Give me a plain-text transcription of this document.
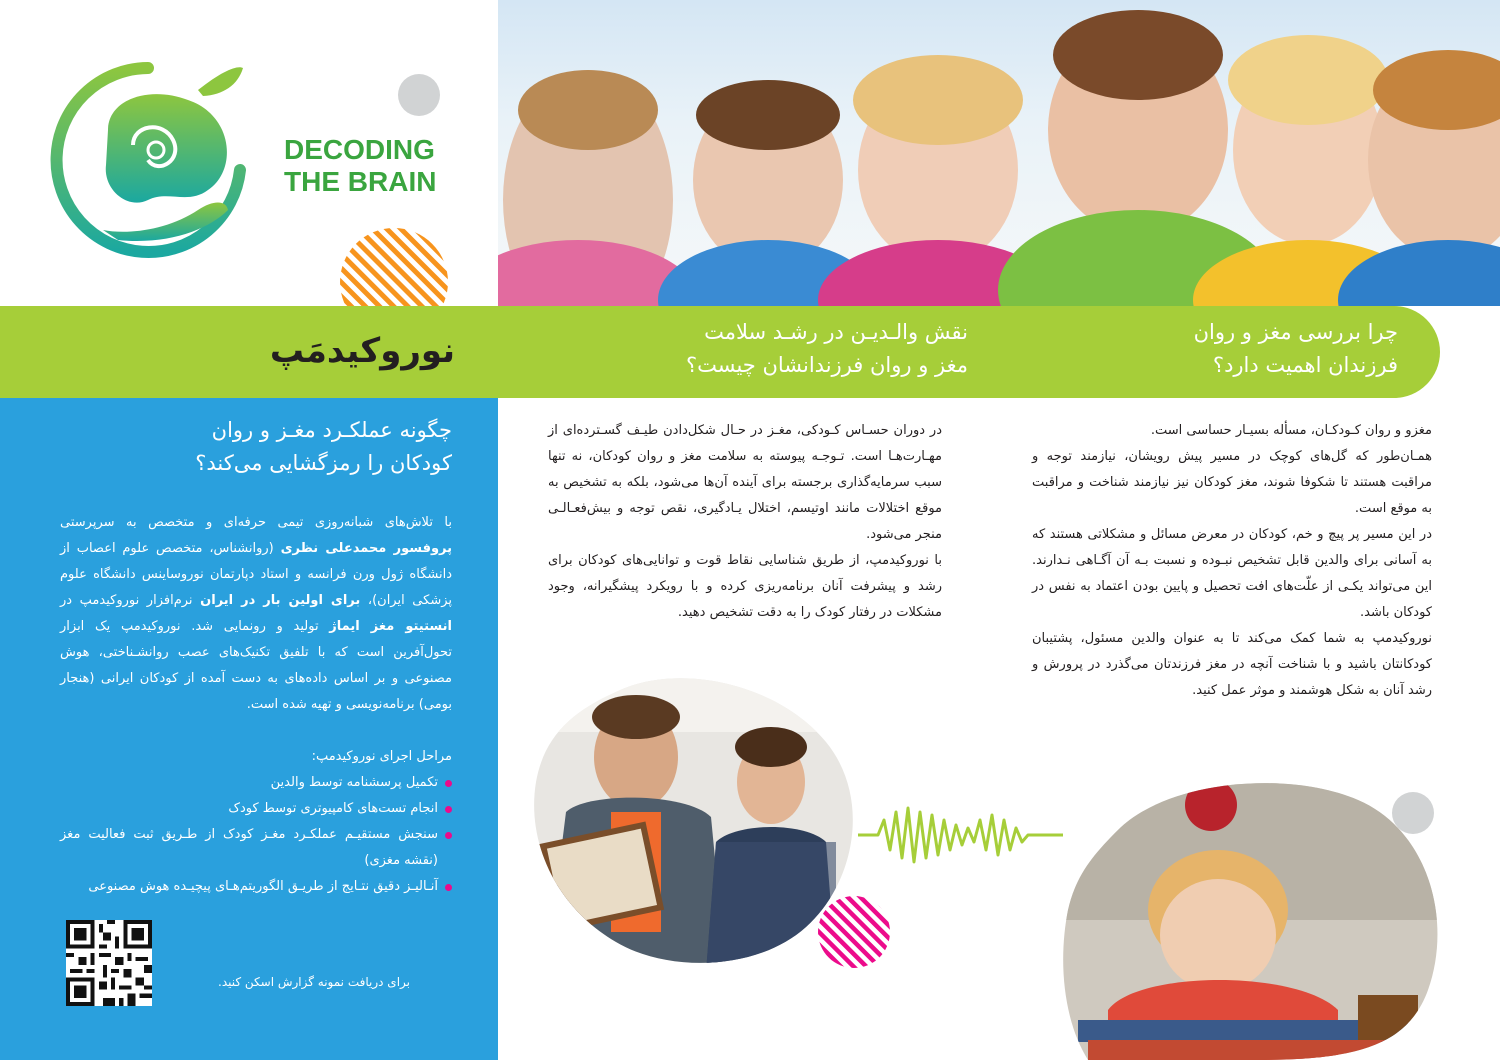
DECODING
THE BRAIN
نوروکیدمَپ	نقش والـدیـن در رشـد سلامت
مغز و روان فرزندانشان چیست؟
چرا بررسی مغز و روان
فرزندان اهمیت دارد؟
چگونه عملکـرد مغـز و روان
کودکان را رمزگشایی می‌کند؟
با تلاش‌های شبانه‌روزی تیمی حرفه‌ای و متخصص به سرپرستی پروفسور محمدعلی نظری (روانشناس، متخصص علوم اعصاب از دانشگاه ژول ورن فرانسه و استاد دپارتمان نوروساینس دانشگاه علوم پزشکی ایران)، برای اولین بار در ایران نرم‌افزار نوروکیدمپ در انستیتو مغز ایماژ تولید و رونمایی شد. نوروکیدمپ یک ابزار تحول‌آفرین است که با تلفیق تکنیک‌های عصب روانشـناختی، هوش مصنوعی و بر اساس داده‌های به دست آمده از کودکان ایرانی (هنجار بومی) برنامه‌نویسی و تهیه شده است.
مراحل اجرای نوروکیدمپ:
تکمیل پرسشنامه توسط والدین
انجام تست‌های کامپیوتری توسط کودک
سنجش مستقیـم عملکـرد مغـز کودک از طـریق ثبت فعالیت مغز (نقشه مغزی)
آنـالیـز دقیق نتـایج از طریـق الگوریتم‌هـای پیچیـده هوش مصنوعی
برای دریافت نمونه گزارش اسکن کنید.

در دوران حسـاس کـودکی، مغـز در حـال شکل‌دادن طیـف گسـترده‌ای از مهـارت‌هـا است. تـوجـه پیوسته به سلامت مغز و روان کودکان، نه تنها سبب سرمایه‌گذاری برجسته برای آینده آن‌ها می‌شود، بلکه به تشخیص به موقع اختلالات مانند اوتیسم، اختلال یـادگیری، نقص توجه و بیش‌فعـالـی منجر می‌شود.

با نوروکیدمپ، از طریق شناسایی نقاط قوت و توانایی‌های کودکان برای رشد و پیشرفت آنان برنامه‌ریزی کرده و با رویکرد پیشگیرانه، وجود مشکلات در رفتار کودک را به دقت تشخیص دهید.

مغزو و روان کـودکـان، مسأله بسیـار حساسی است.

همـان‌طور که گل‌های کوچک در مسیر پیش رویشان، نیازمند توجه و مراقبت هستند تا شکوفا شوند، مغز کودکان نیز نیازمند شناخت و مراقبت به موقع است.

در این مسیر پر پیچ و خم، کودکان در معرض مسائل و مشکلاتی هستند که به آسانی برای والدین قابل تشخیص نبـوده و نسبت بـه آن آگـاهی نـدارند. این می‌تواند یکـی از علّت‌های افت تحصیل و پایین بودن اعتماد به نفس در کودکان باشد.

نوروکیدمپ به شما کمک می‌کند تا به عنوان والدین مسئول، پشتیبان کودکانتان باشید و با شناخت آنچه در مغز فرزندتان می‌گذرد در پرورش و رشد آنان به شکل هوشمند و موثر عمل کنید.
